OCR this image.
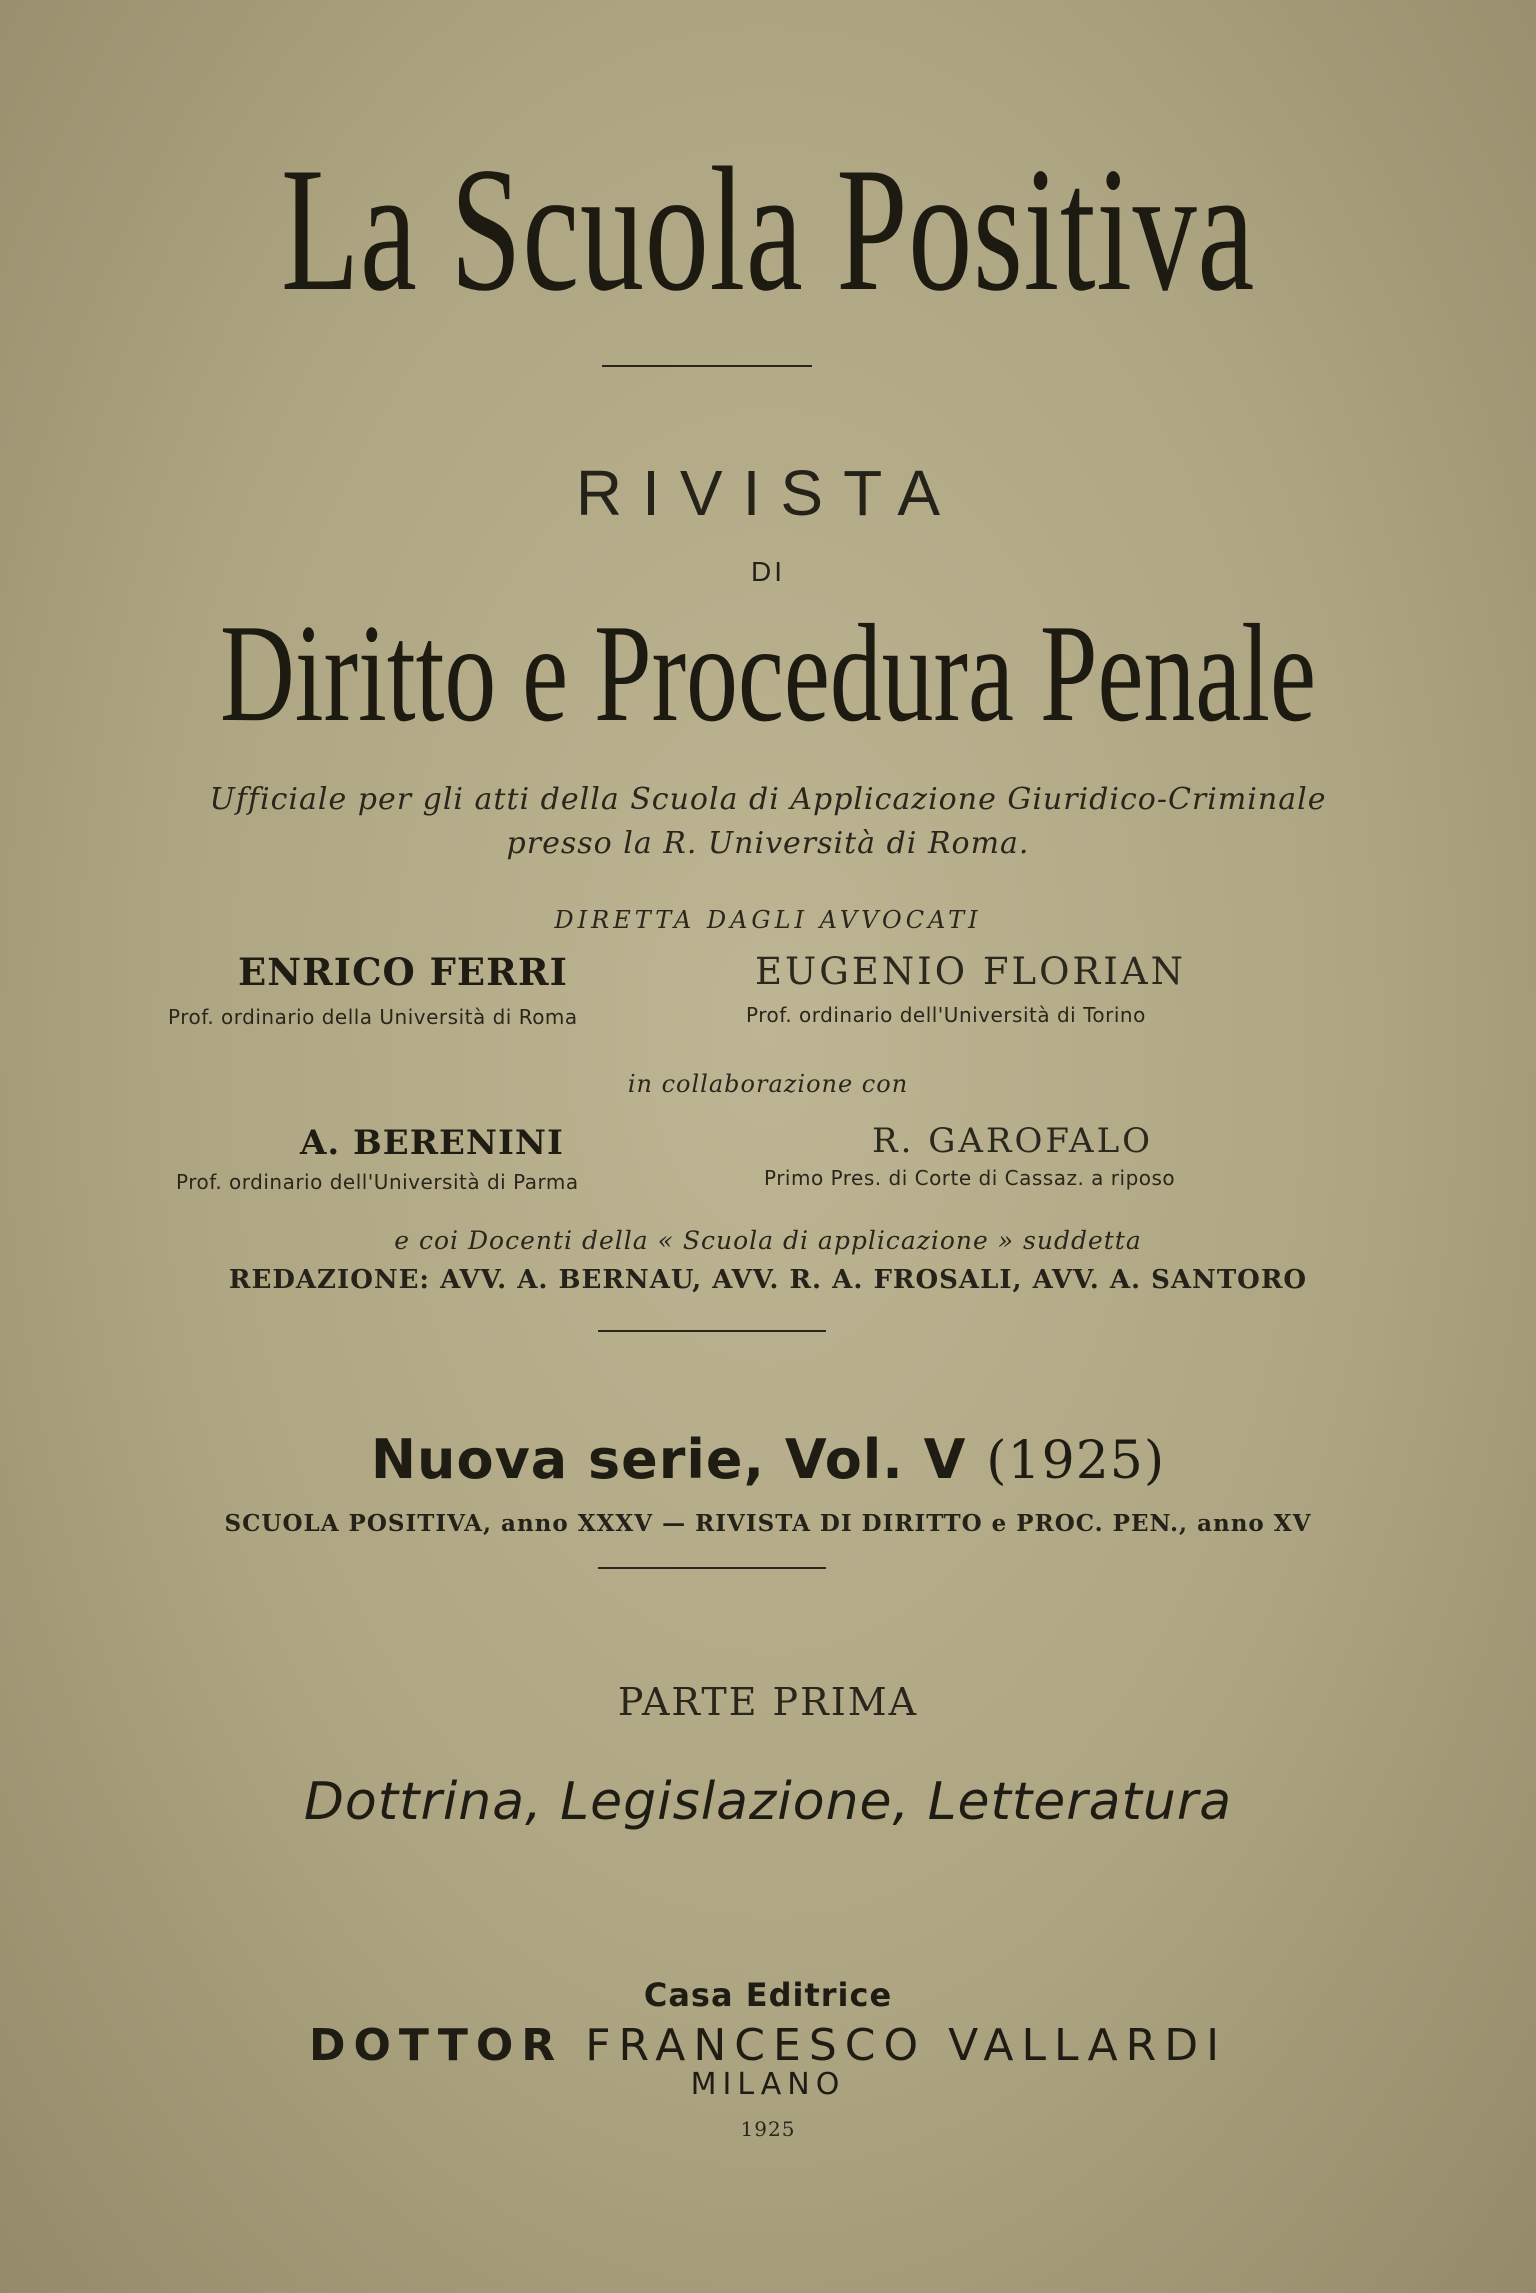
La Scuola Positiva
RIVISTA
DI
Diritto e Procedura Penale
Ufficiale per gli atti della Scuola di Applicazione Giuridico-Criminale
presso la R. Università di Roma.
DIRETTA DAGLI AVVOCATI
ENRICO FERRI	EUGENIO FLORIAN
Prof. ordinario della Università di Roma	Prof. ordinario dell'Università di Torino
in collaborazione con
A. BERENINI	R. GAROFALO
Prof. ordinario dell'Università di Parma	Primo Pres. di Corte di Cassaz. a riposo
e coi Docenti della « Scuola di applicazione » suddetta
REDAZIONE: AVV. A. BERNAU, AVV. R. A. FROSALI, AVV. A. SANTORO
Nuova serie, Vol. V (1925)
SCUOLA POSITIVA, anno XXXV — RIVISTA DI DIRITTO e PROC. PEN., anno XV
PARTE PRIMA
Dottrina, Legislazione, Letteratura
Casa Editrice
DOTTOR FRANCESCO VALLARDI
MILANO
1925
